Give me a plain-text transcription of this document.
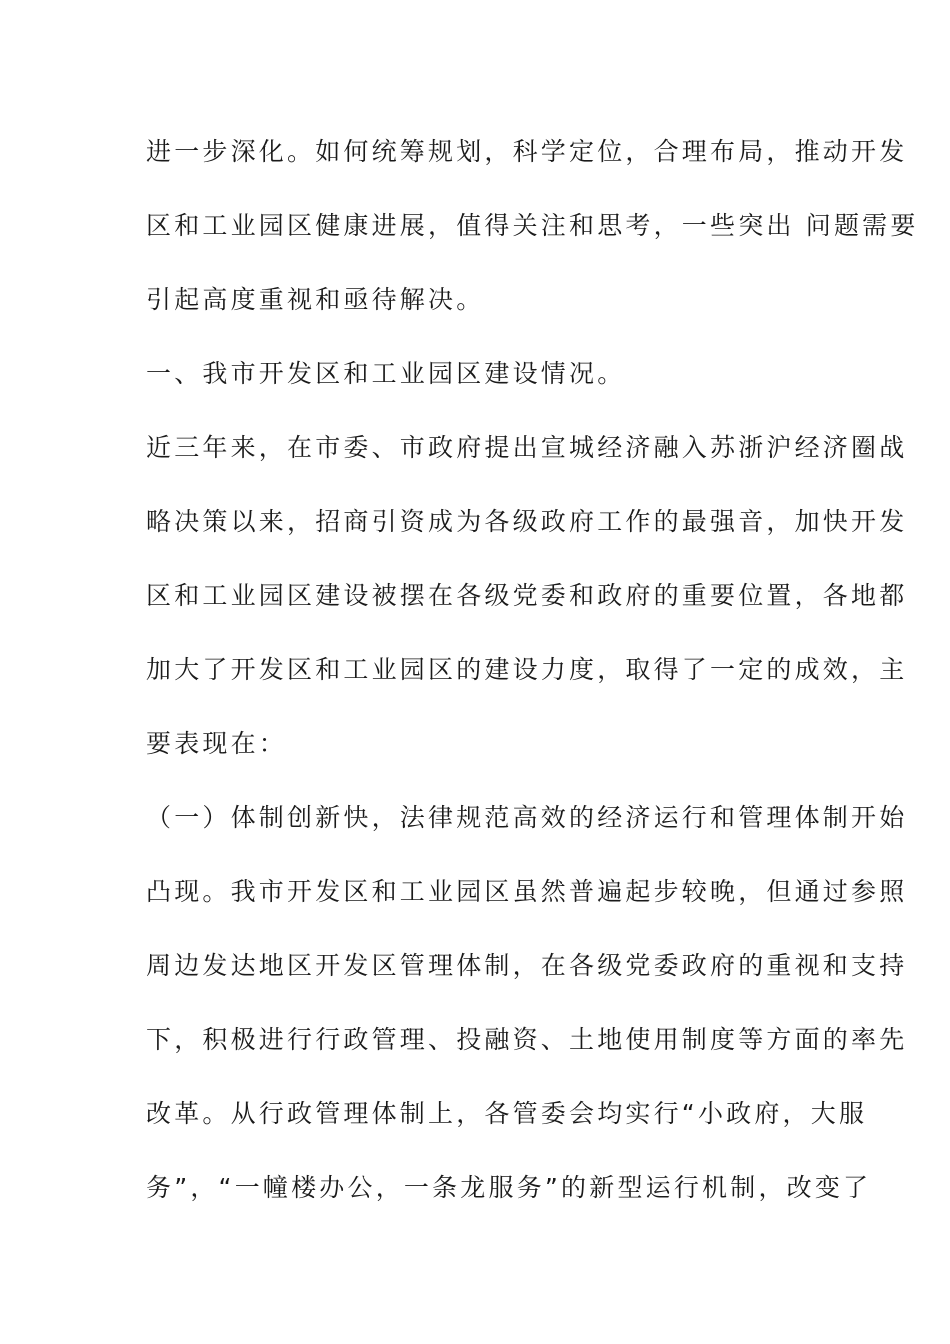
进一步深化。如何统筹规划，科学定位，合理布局，推动开发
区和工业园区健康进展，值得关注和思考，一些突出 问题需要
引起高度重视和亟待解决。
一、我市开发区和工业园区建设情况。
近三年来，在市委、市政府提出宣城经济融入苏浙沪经济圈战
略决策以来，招商引资成为各级政府工作的最强音，加快开发
区和工业园区建设被摆在各级党委和政府的重要位置，各地都
加大了开发区和工业园区的建设力度，取得了一定的成效，主
要表现在：
（一）体制创新快，法律规范高效的经济运行和管理体制开始
凸现。我市开发区和工业园区虽然普遍起步较晚，但通过参照
周边发达地区开发区管理体制，在各级党委政府的重视和支持
下，积极进行行政管理、投融资、土地使用制度等方面的率先
改革。从行政管理体制上，各管委会均实行“小政府，大服
务”，“一幢楼办公，一条龙服务”的新型运行机制，改变了
